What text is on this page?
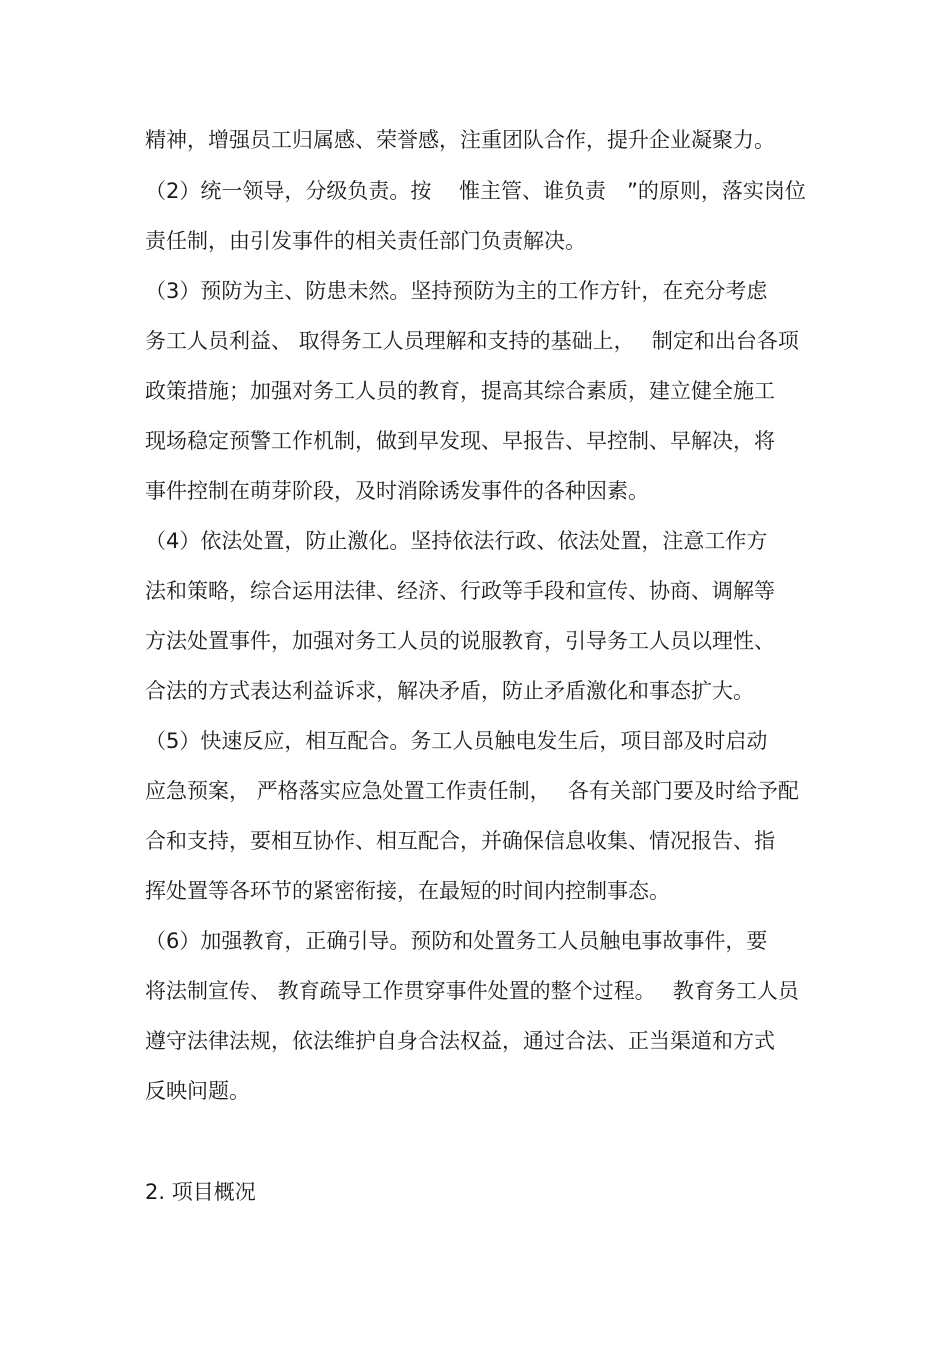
精神，增强员工归属感、荣誉感，注重团队合作，提升企业凝聚力。
（2）统一领导，分级负责。按　 惟主管、谁负责　”的原则，落实岗位
责任制，由引发事件的相关责任部门负责解决。
（3）预防为主、防患未然。坚持预防为主的工作方针，在充分考虑
务工人员利益、 取得务工人员理解和支持的基础上，　 制定和出台各项
政策措施；加强对务工人员的教育，提高其综合素质，建立健全施工
现场稳定预警工作机制，做到早发现、早报告、早控制、早解决，将
事件控制在萌芽阶段，及时消除诱发事件的各种因素。
（4）依法处置，防止激化。坚持依法行政、依法处置，注意工作方
法和策略，综合运用法律、经济、行政等手段和宣传、协商、调解等
方法处置事件，加强对务工人员的说服教育，引导务工人员以理性、
合法的方式表达利益诉求，解决矛盾，防止矛盾激化和事态扩大。
（5）快速反应，相互配合。务工人员触电发生后，项目部及时启动
应急预案， 严格落实应急处置工作责任制，　 各有关部门要及时给予配
合和支持，要相互协作、相互配合，并确保信息收集、情况报告、指
挥处置等各环节的紧密衔接，在最短的时间内控制事态。
（6）加强教育，正确引导。预防和处置务工人员触电事故事件，要
将法制宣传、 教育疏导工作贯穿事件处置的整个过程。　 教育务工人员
遵守法律法规，依法维护自身合法权益，通过合法、正当渠道和方式
反映问题。
2. 项目概况
